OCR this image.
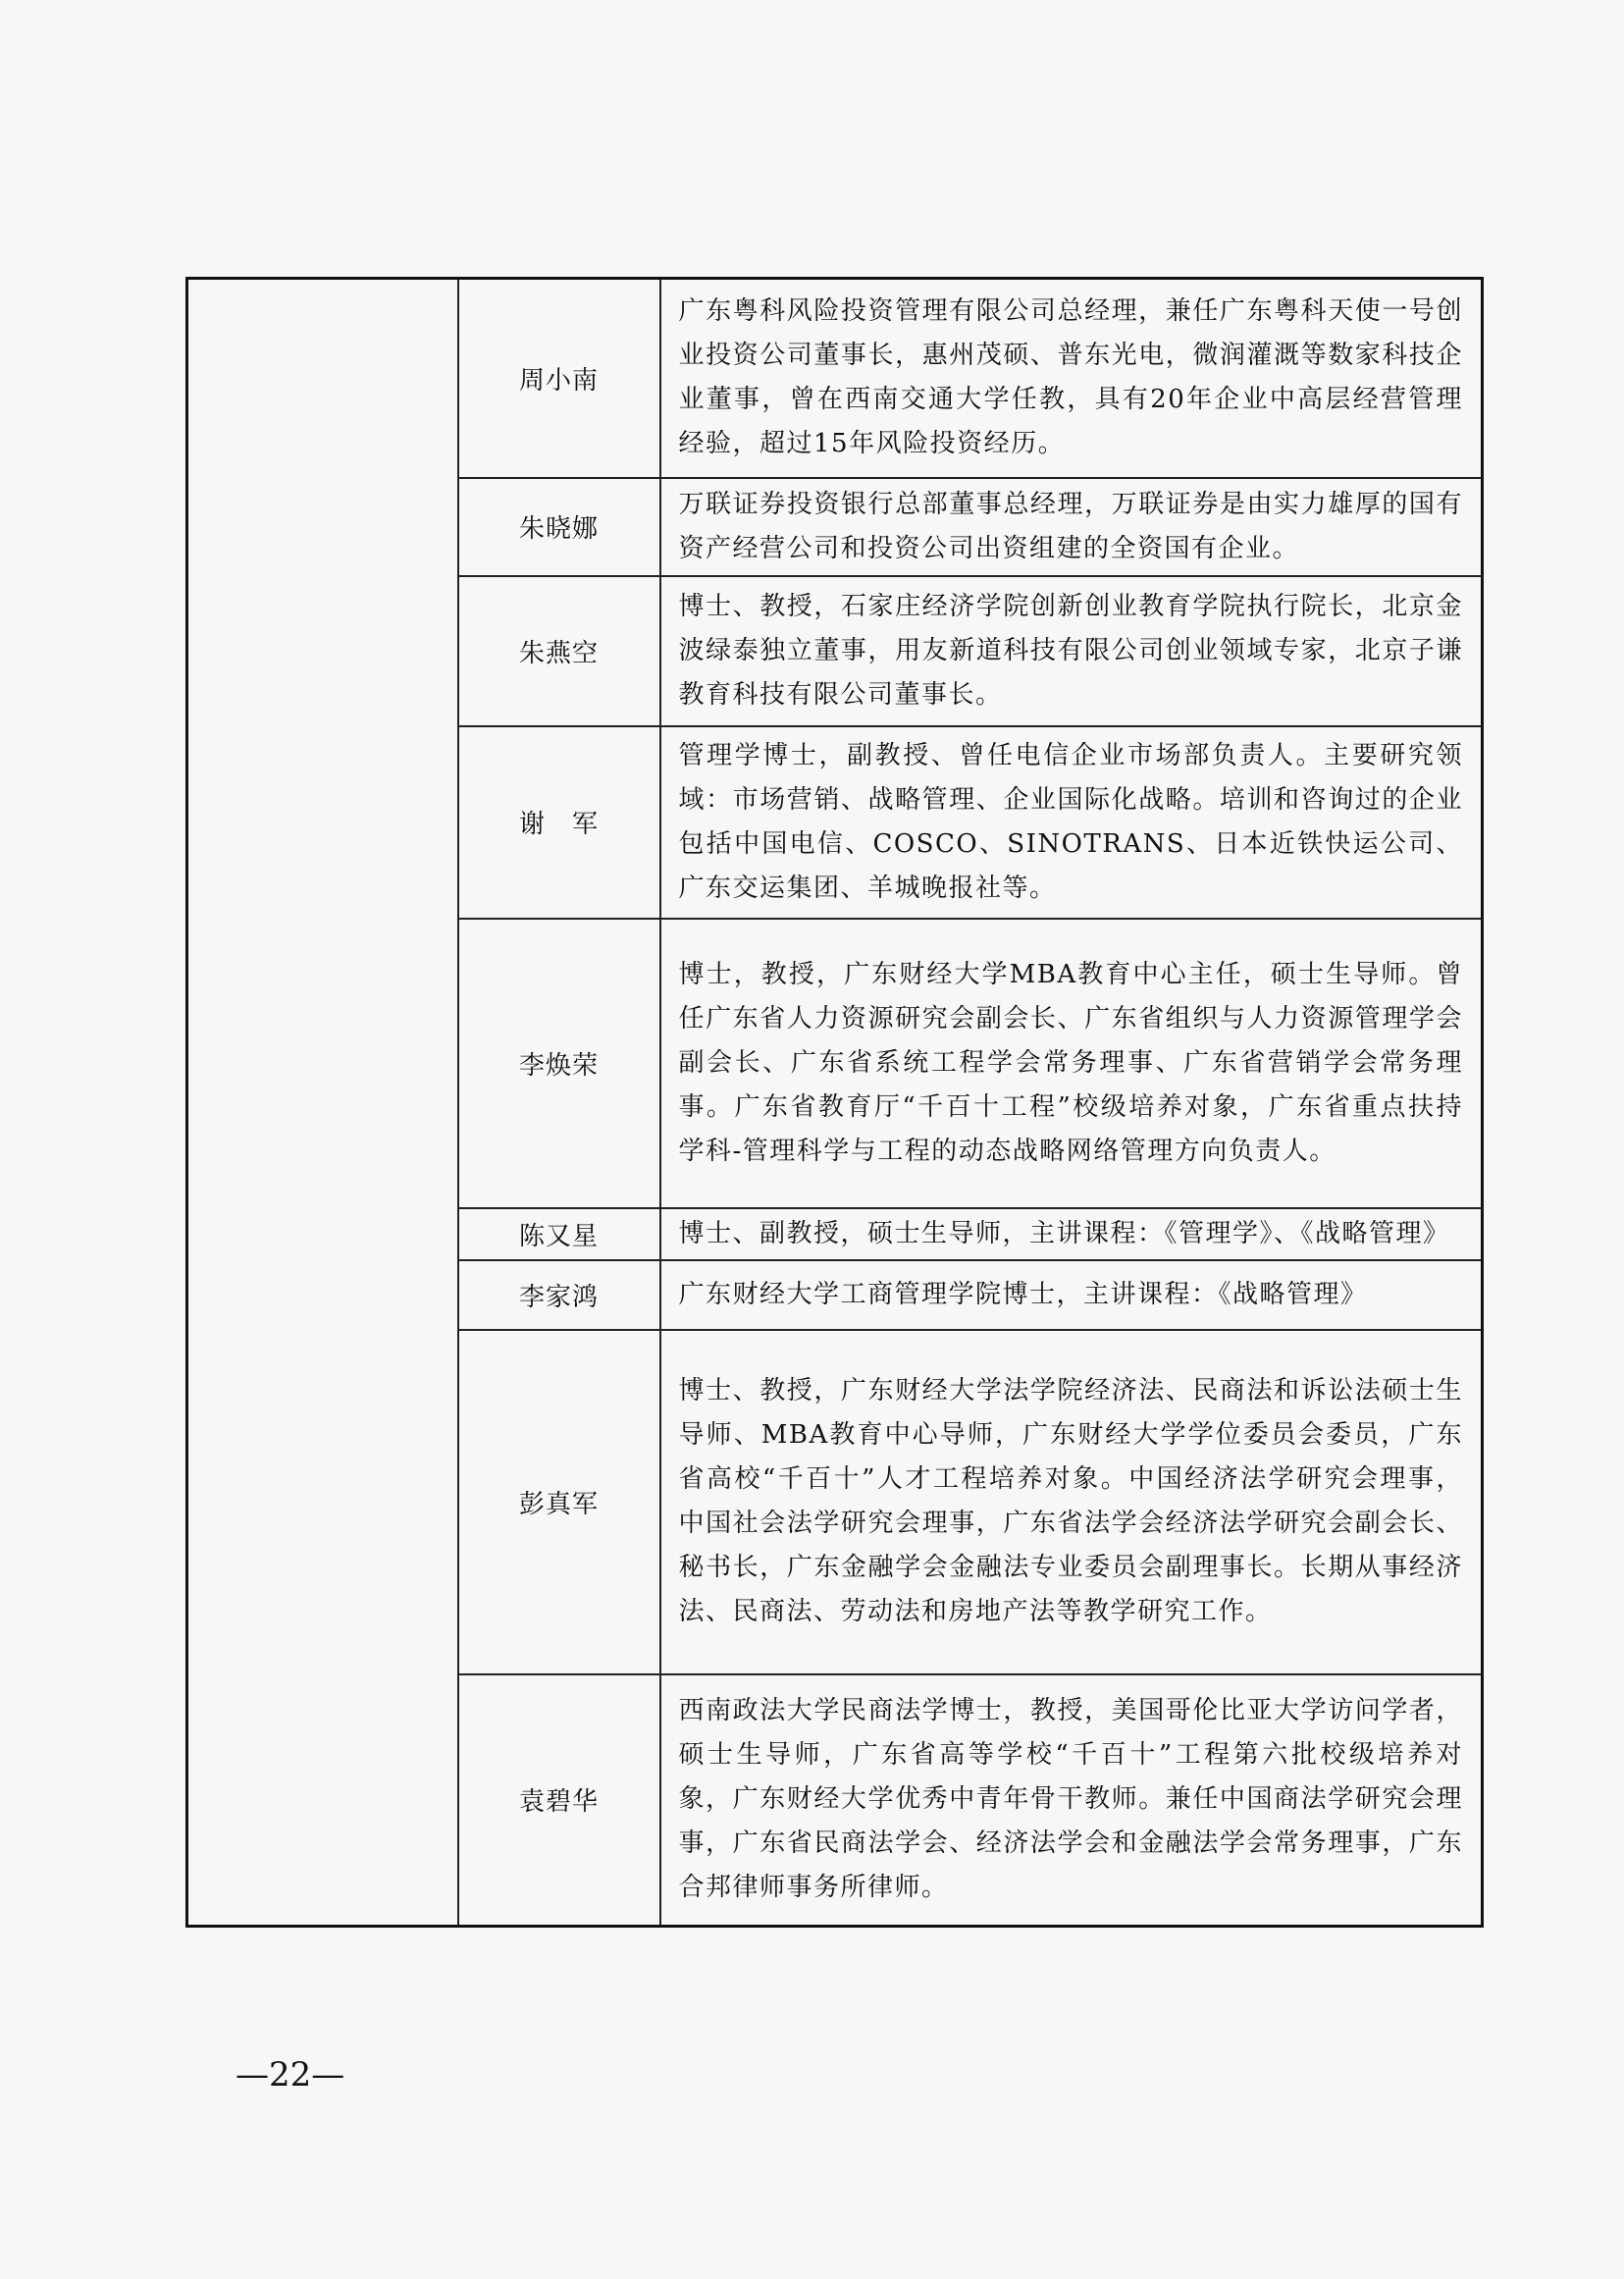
	周小南	广东粤科风险投资管理有限公司总经理，兼任广东粤科天使一号创业投资公司董事长，惠州茂硕、普东光电，微润灌溉等数家科技企业董事，曾在西南交通大学任教，具有20年企业中高层经营管理经验，超过15年风险投资经历。
	朱晓娜	万联证券投资银行总部董事总经理，万联证券是由实力雄厚的国有资产经营公司和投资公司出资组建的全资国有企业。
	朱燕空	博士、教授，石家庄经济学院创新创业教育学院执行院长，北京金波绿泰独立董事，用友新道科技有限公司创业领域专家，北京子谦教育科技有限公司董事长。
	谢　军	管理学博士，副教授、曾任电信企业市场部负责人。主要研究领域：市场营销、战略管理、企业国际化战略。培训和咨询过的企业包括中国电信、COSCO、SINOTRANS、日本近铁快运公司、广东交运集团、羊城晚报社等。
	李焕荣	博士，教授，广东财经大学MBA教育中心主任，硕士生导师。曾任广东省人力资源研究会副会长、广东省组织与人力资源管理学会副会长、广东省系统工程学会常务理事、广东省营销学会常务理事。广东省教育厅“千百十工程”校级培养对象，广东省重点扶持学科-管理科学与工程的动态战略网络管理方向负责人。
	陈又星	博士、副教授，硕士生导师，主讲课程：《管理学》、《战略管理》
	李家鸿	广东财经大学工商管理学院博士，主讲课程：《战略管理》
	彭真军	博士、教授，广东财经大学法学院经济法、民商法和诉讼法硕士生导师、MBA教育中心导师，广东财经大学学位委员会委员，广东省高校“千百十”人才工程培养对象。中国经济法学研究会理事，中国社会法学研究会理事，广东省法学会经济法学研究会副会长、秘书长，广东金融学会金融法专业委员会副理事长。长期从事经济法、民商法、劳动法和房地产法等教学研究工作。
	袁碧华	西南政法大学民商法学博士，教授，美国哥伦比亚大学访问学者，硕士生导师，广东省高等学校“千百十”工程第六批校级培养对象，广东财经大学优秀中青年骨干教师。兼任中国商法学研究会理事，广东省民商法学会、经济法学会和金融法学会常务理事，广东合邦律师事务所律师。
—22—
